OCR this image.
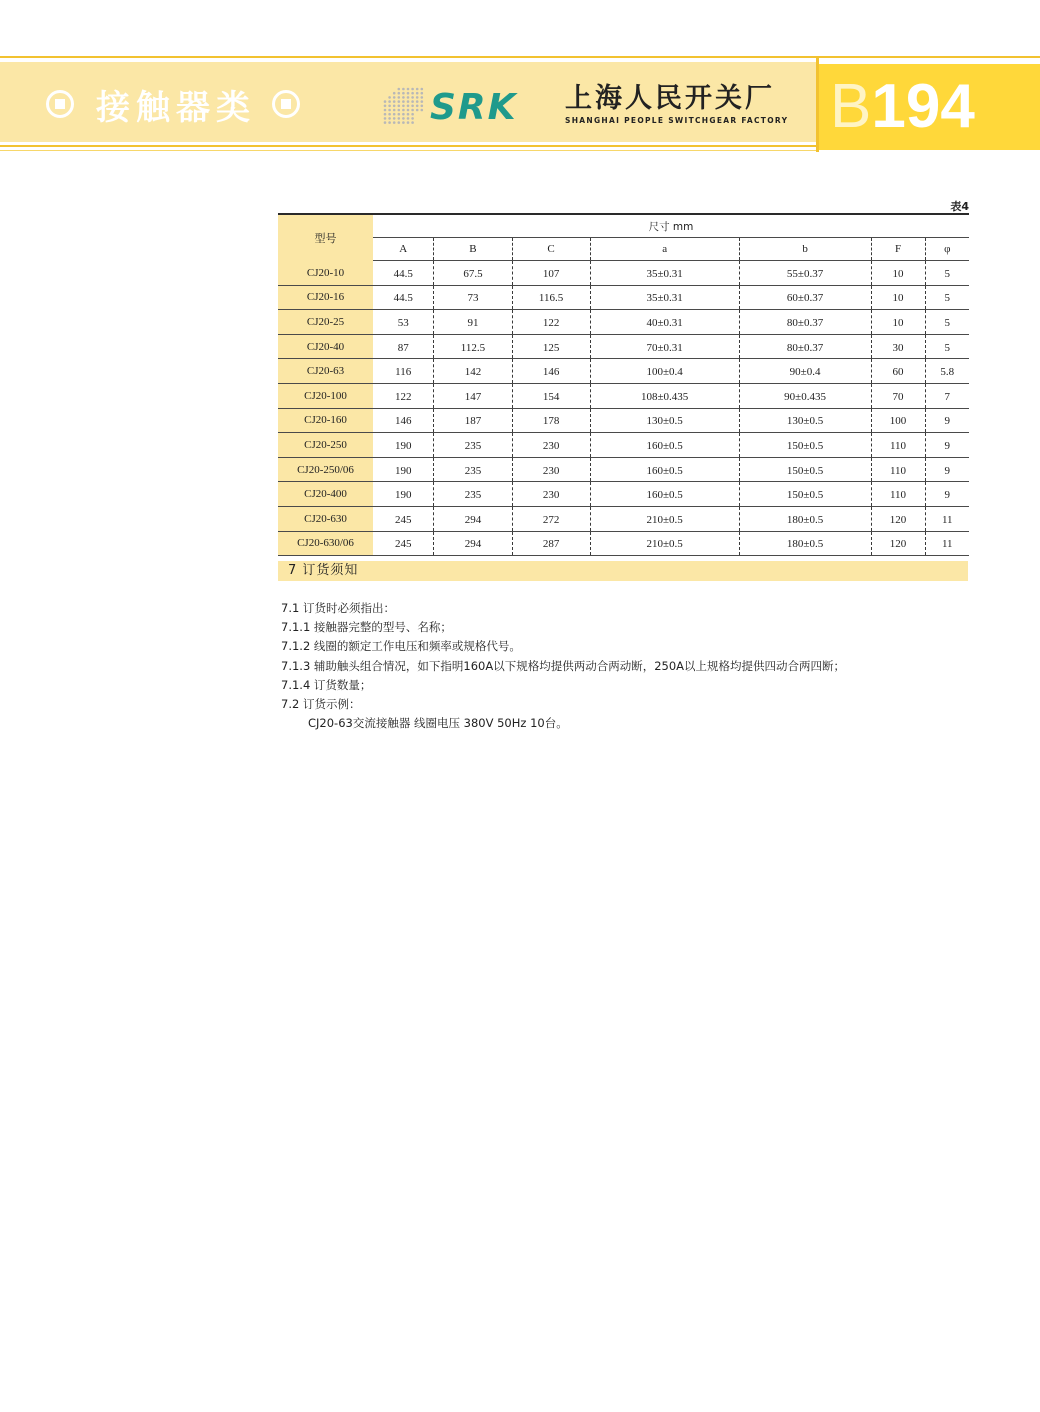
接触器类	SRK 上海人民开关厂
SHANGHAI PEOPLE SWITCHGEAR FACTORY B194
表4
型号	尺寸 mm						
	A	B	C	a	b	F	φ
CJ20-10	44.5	67.5	107	35±0.31	55±0.37	10	5
CJ20-16	44.5	73	116.5	35±0.31	60±0.37	10	5
CJ20-25	53	91	122	40±0.31	80±0.37	10	5
CJ20-40	87	112.5	125	70±0.31	80±0.37	30	5
CJ20-63	116	142	146	100±0.4	90±0.4	60	5.8
CJ20-100	122	147	154	108±0.435	90±0.435	70	7
CJ20-160	146	187	178	130±0.5	130±0.5	100	9
CJ20-250	190	235	230	160±0.5	150±0.5	110	9
CJ20-250/06	190	235	230	160±0.5	150±0.5	110	9
CJ20-400	190	235	230	160±0.5	150±0.5	110	9
CJ20-630	245	294	272	210±0.5	180±0.5	120	11
CJ20-630/06	245	294	287	210±0.5	180±0.5	120	11
7 订货须知
7.1 订货时必须指出：
7.1.1 接触器完整的型号、名称；
7.1.2 线圈的额定工作电压和频率或规格代号。
7.1.3 辅助触头组合情况，如下指明160A以下规格均提供两动合两动断，250A以上规格均提供四动合两四断；
7.1.4 订货数量；
7.2 订货示例：
CJ20-63交流接触器 线圈电压 380V 50Hz 10台。
